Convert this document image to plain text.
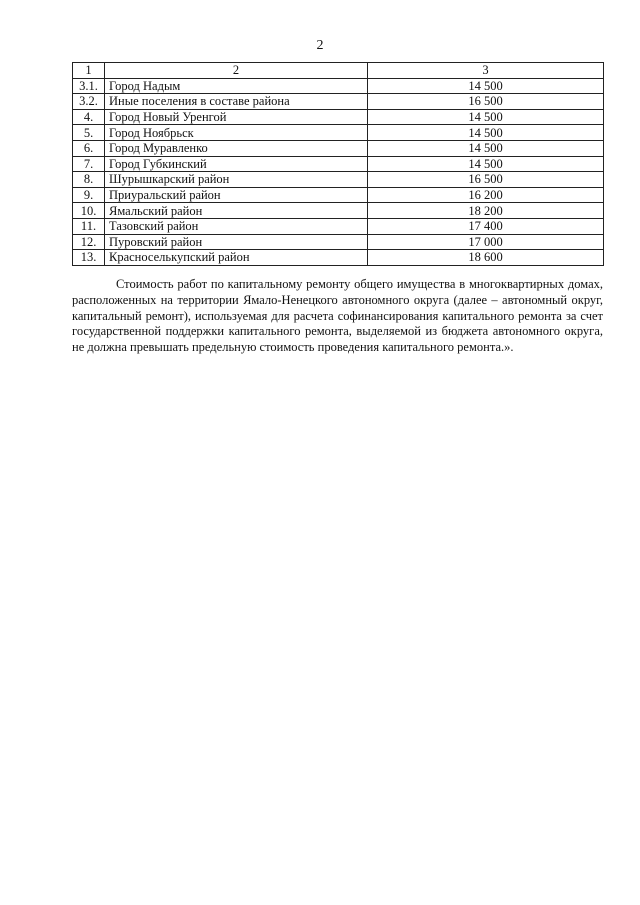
2
1	2	3
3.1.	Город Надым	14 500
3.2.	Иные поселения в составе района	16 500
4.	Город Новый Уренгой	14 500
5.	Город Ноябрьск	14 500
6.	Город Муравленко	14 500
7.	Город Губкинский	14 500
8.	Шурышкарский район	16 500
9.	Приуральский район	16 200
10.	Ямальский район	18 200
11.	Тазовский район	17 400
12.	Пуровский район	17 000
13.	Красноселькупский район	18 600

Стоимость работ по капитальному ремонту общего имущества в многоквартирных домах, расположенных на территории Ямало-Ненецкого автономного округа (далее – автономный округ, капитальный ремонт), используемая для расчета софинансирования капитального ремонта за счет государственной поддержки капитального ремонта, выделяемой из бюджета автономного округа, не должна превышать предельную стоимость проведения капитального ремонта.».
